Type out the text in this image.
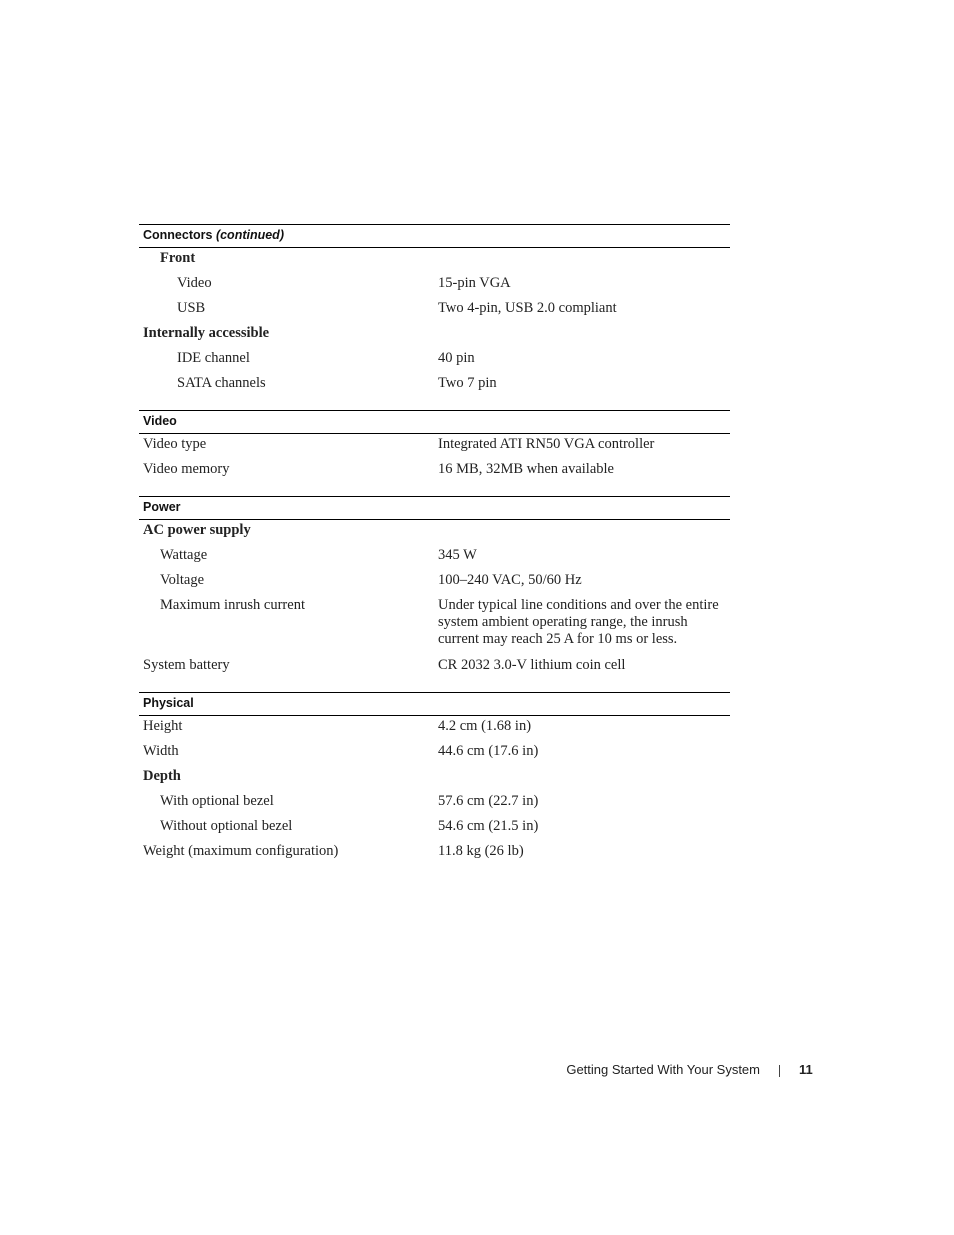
Connectors (continued)
Front
Video	15-pin VGA
USB	Two 4-pin, USB 2.0 compliant
Internally accessible
IDE channel	40 pin
SATA channels	Two 7 pin
Video
Video type	Integrated ATI RN50 VGA controller
Video memory	16 MB, 32MB when available
Power
AC power supply
Wattage	345 W
Voltage	100–240 VAC, 50/60 Hz
Maximum inrush current	Under typical line conditions and over the entire system ambient operating range, the inrush current may reach 25 A for 10 ms or less.
System battery	CR 2032 3.0-V lithium coin cell
Physical
Height	4.2 cm (1.68 in)
Width	44.6 cm (17.6 in)
Depth
With optional bezel	57.6 cm (22.7 in)
Without optional bezel	54.6 cm (21.5 in)
Weight (maximum configuration)	11.8 kg (26 lb)
Getting Started With Your System	11
